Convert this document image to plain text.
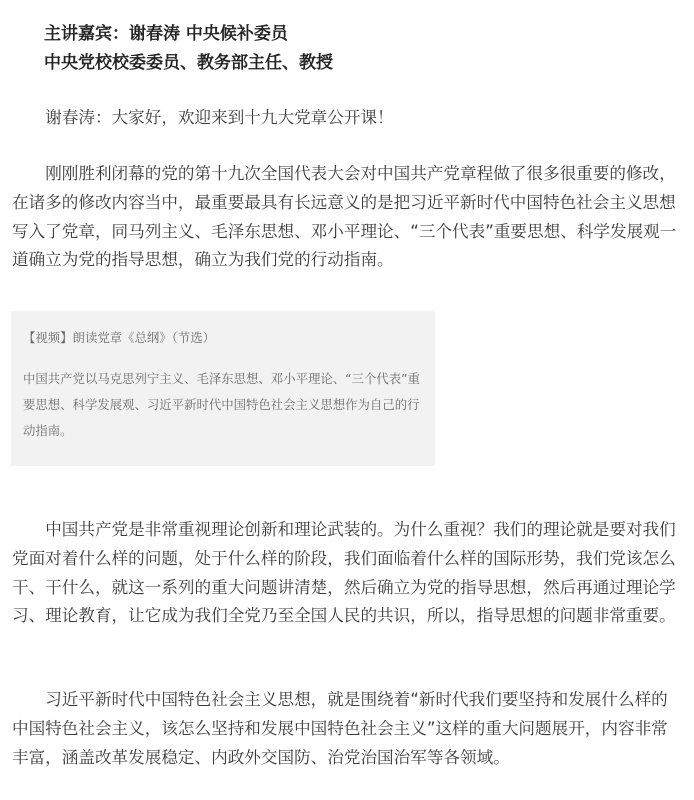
主讲嘉宾：谢春涛 中央候补委员
中央党校校委委员、教务部主任、教授

谢春涛：大家好，欢迎来到十九大党章公开课！

刚刚胜利闭幕的党的第十九次全国代表大会对中国共产党章程做了很多很重要的修改，在诸多的修改内容当中，最重要最具有长远意义的是把习近平新时代中国特色社会主义思想写入了党章，同马列主义、毛泽东思想、邓小平理论、“三个代表”重要思想、科学发展观一道确立为党的指导思想，确立为我们党的行动指南。

【视频】朗读党章《总纲》（节选）
中国共产党以马克思列宁主义、毛泽东思想、邓小平理论、“三个代表”重要思想、科学发展观、习近平新时代中国特色社会主义思想作为自己的行动指南。

中国共产党是非常重视理论创新和理论武装的。为什么重视？我们的理论就是要对我们党面对着什么样的问题，处于什么样的阶段，我们面临着什么样的国际形势，我们党该怎么干、干什么，就这一系列的重大问题讲清楚，然后确立为党的指导思想，然后再通过理论学习、理论教育，让它成为我们全党乃至全国人民的共识，所以，指导思想的问题非常重要。

习近平新时代中国特色社会主义思想，就是围绕着“新时代我们要坚持和发展什么样的中国特色社会主义，该怎么坚持和发展中国特色社会主义”这样的重大问题展开，内容非常丰富，涵盖改革发展稳定、内政外交国防、治党治国治军等各领域。
